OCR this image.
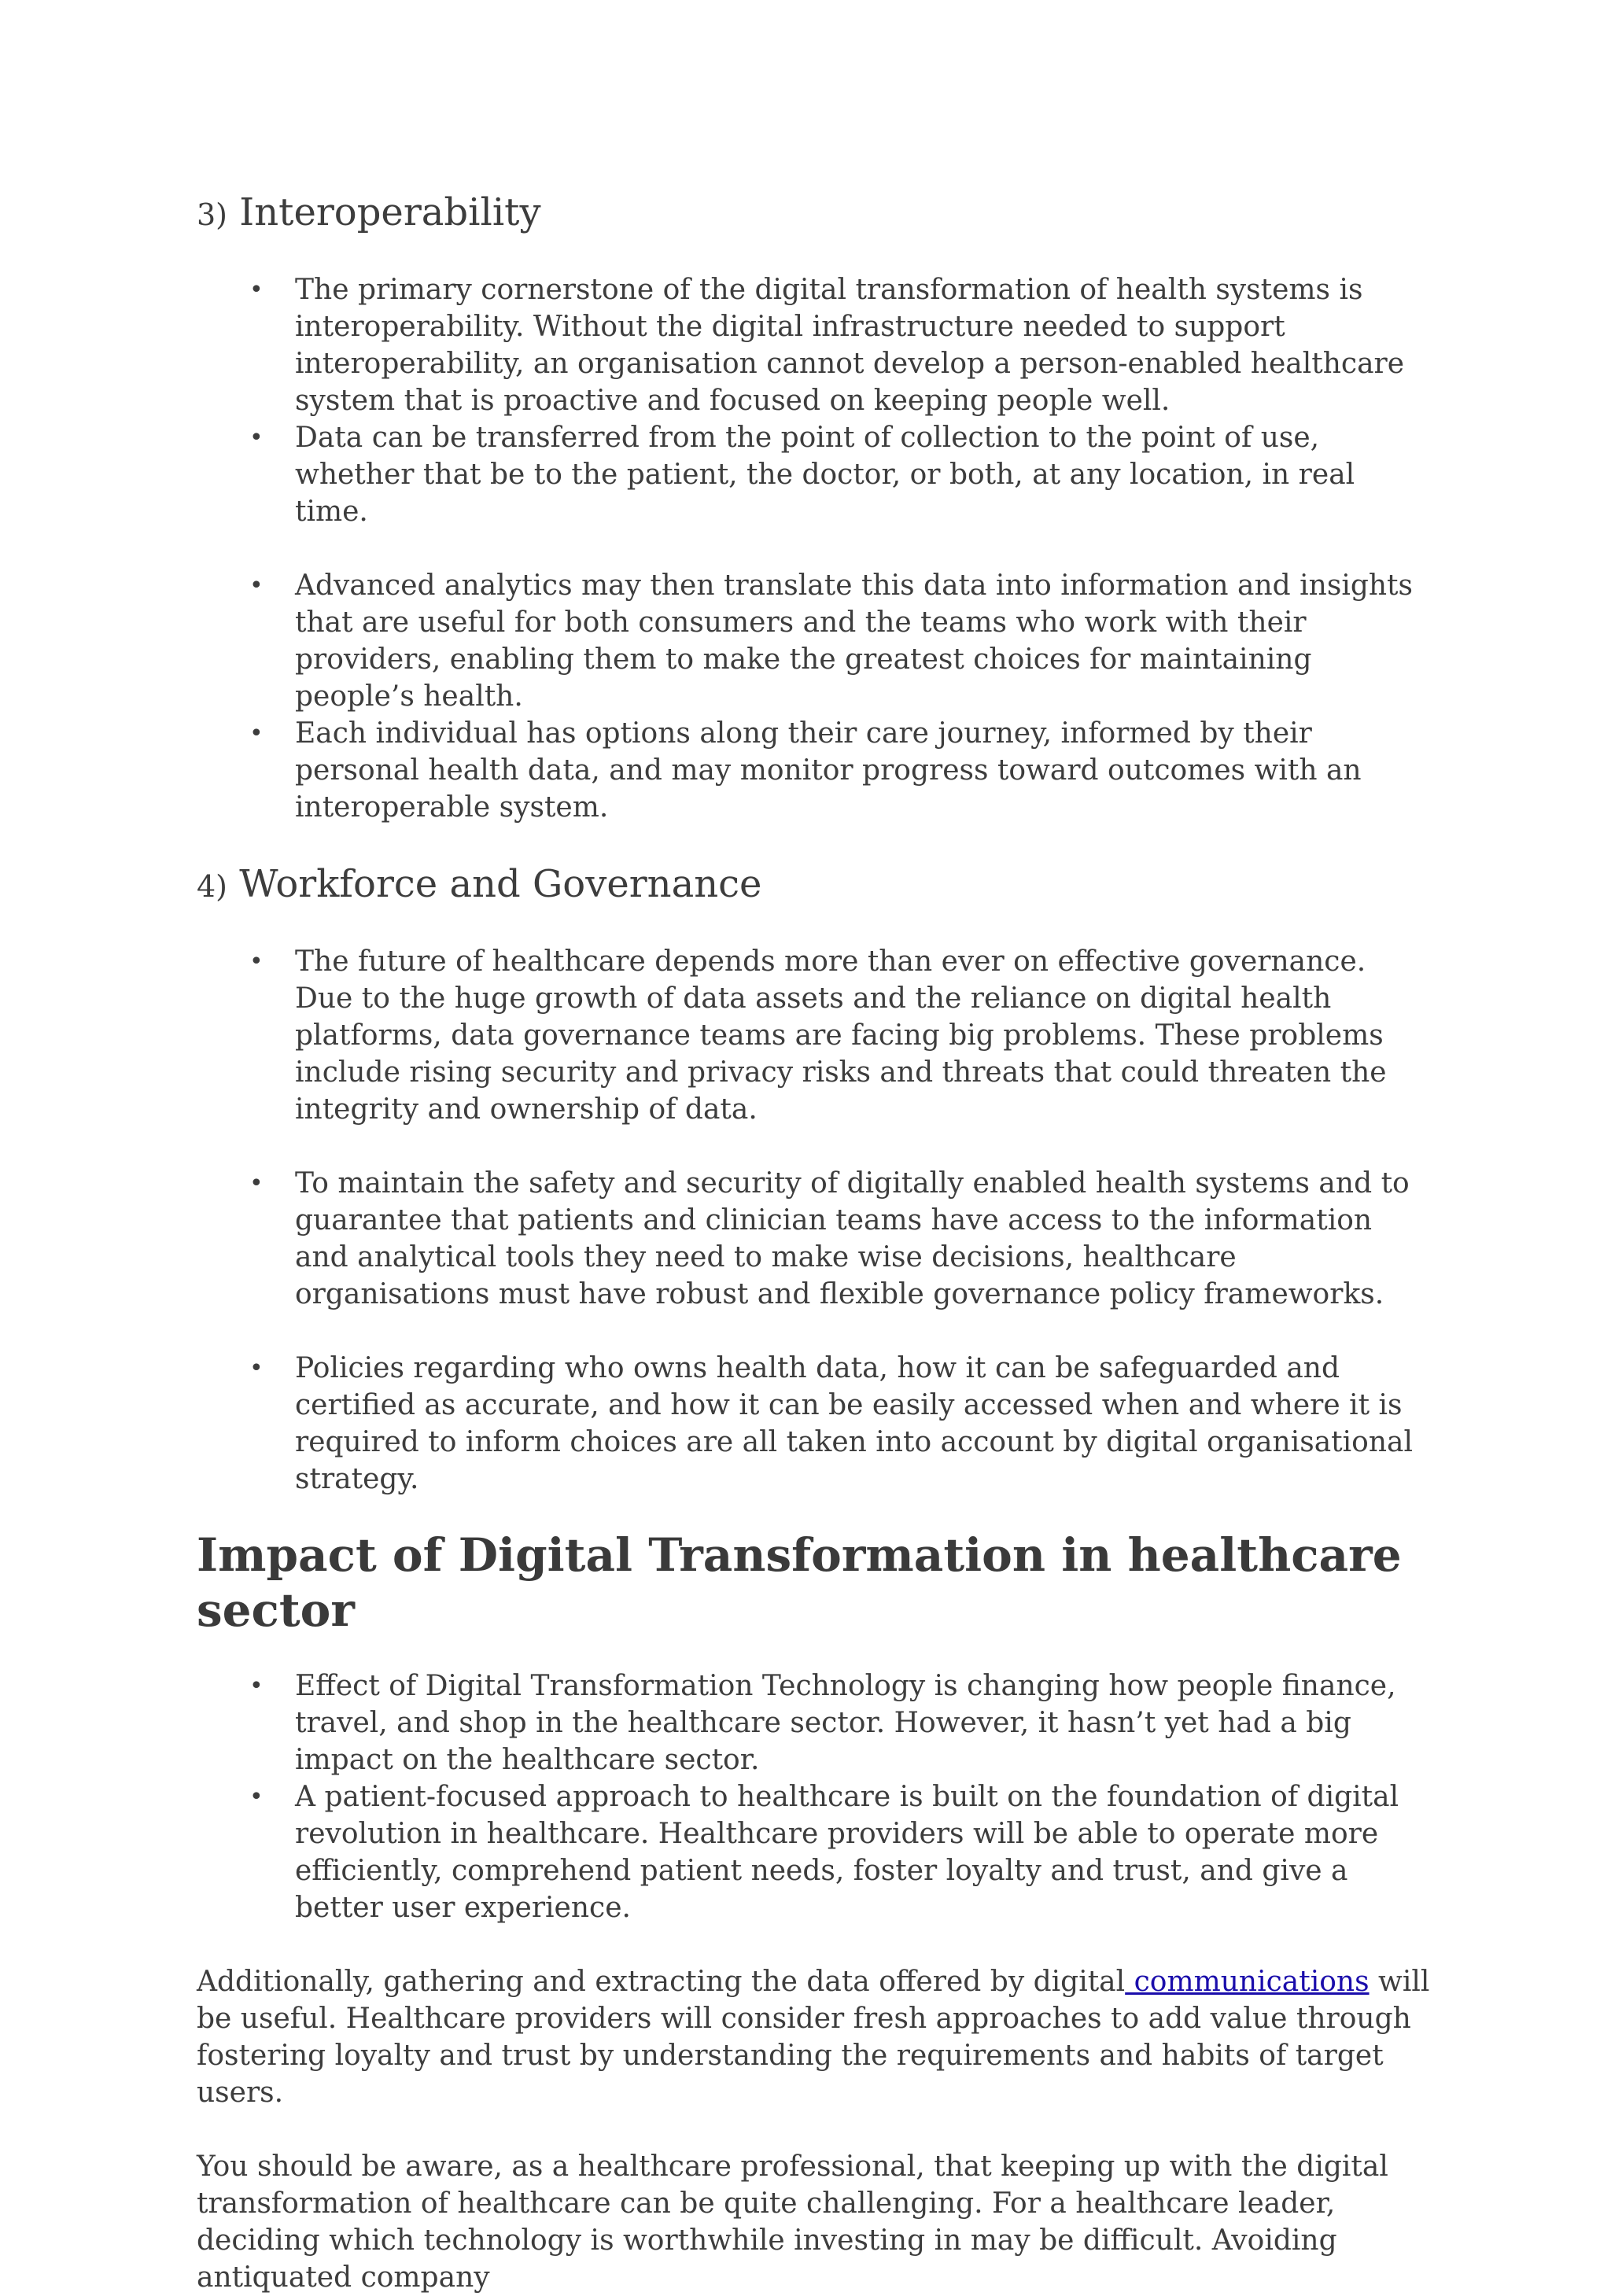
3) Interoperability
• The primary cornerstone of the digital transformation of health systems is interoperability. Without the digital infrastructure needed to support interoperability, an organisation cannot develop a person-enabled healthcare system that is proactive and focused on keeping people well.
• Data can be transferred from the point of collection to the point of use, whether that be to the patient, the doctor, or both, at any location, in real time.
• Advanced analytics may then translate this data into information and insights that are useful for both consumers and the teams who work with their providers, enabling them to make the greatest choices for maintaining people’s health.
• Each individual has options along their care journey, informed by their personal health data, and may monitor progress toward outcomes with an interoperable system.
4) Workforce and Governance
• The future of healthcare depends more than ever on effective governance. Due to the huge growth of data assets and the reliance on digital health platforms, data governance teams are facing big problems. These problems include rising security and privacy risks and threats that could threaten the integrity and ownership of data.
• To maintain the safety and security of digitally enabled health systems and to guarantee that patients and clinician teams have access to the information and analytical tools they need to make wise decisions, healthcare organisations must have robust and flexible governance policy frameworks.
• Policies regarding who owns health data, how it can be safeguarded and certified as accurate, and how it can be easily accessed when and where it is required to inform choices are all taken into account by digital organisational strategy.
Impact of Digital Transformation in healthcare sector
• Effect of Digital Transformation Technology is changing how people finance, travel, and shop in the healthcare sector. However, it hasn’t yet had a big impact on the healthcare sector.
• A patient-focused approach to healthcare is built on the foundation of digital revolution in healthcare. Healthcare providers will be able to operate more efficiently, comprehend patient needs, foster loyalty and trust, and give a better user experience.

Additionally, gathering and extracting the data offered by digital communications will be useful. Healthcare providers will consider fresh approaches to add value through fostering loyalty and trust by understanding the requirements and habits of target users.

You should be aware, as a healthcare professional, that keeping up with the digital transformation of healthcare can be quite challenging. For a healthcare leader, deciding which technology is worthwhile investing in may be difficult. Avoiding antiquated company
